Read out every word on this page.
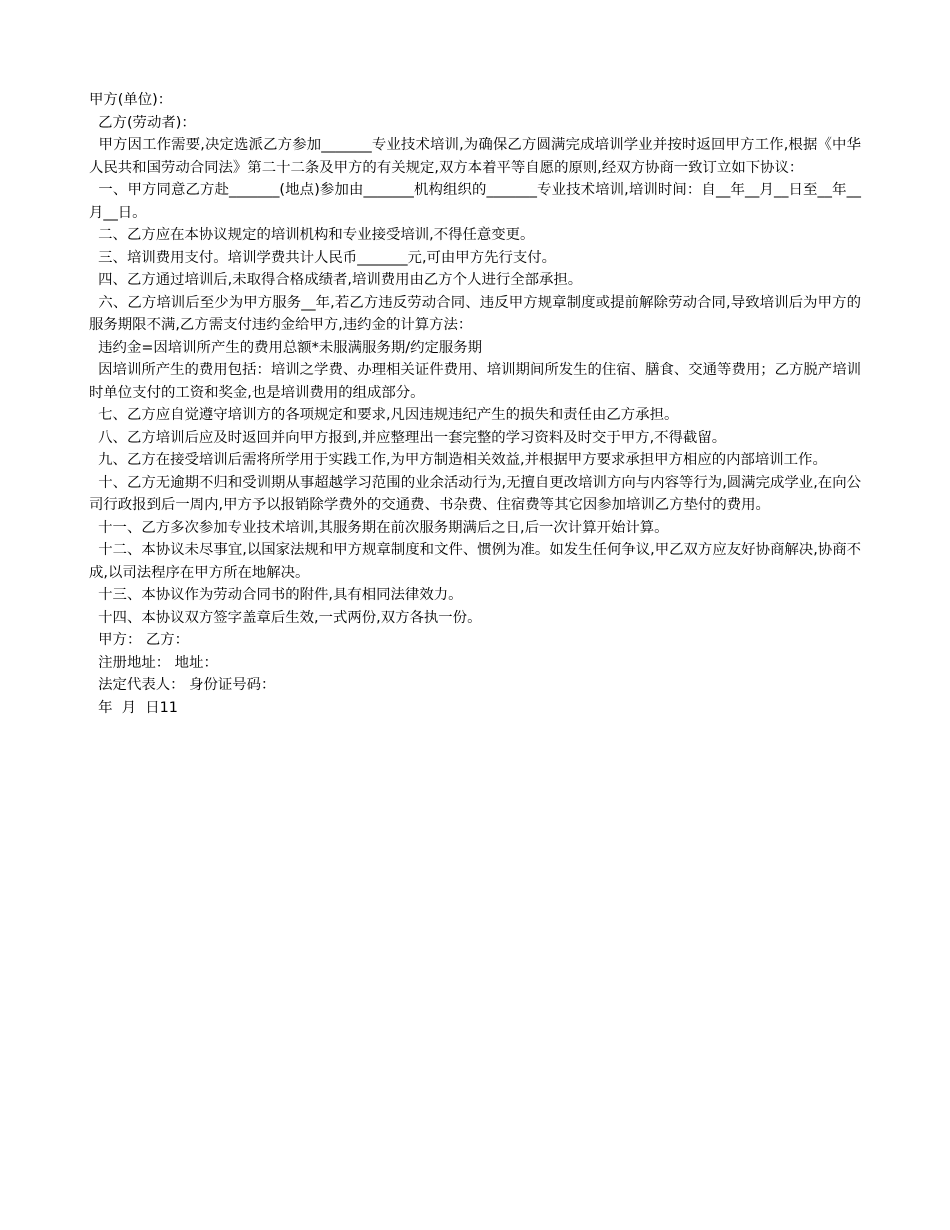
甲方(单位)：

乙方(劳动者)：

甲方因工作需要,决定选派乙方参加_______专业技术培训,为确保乙方圆满完成培训学业并按时返回甲方工作,根据《中华人民共和国劳动合同法》第二十二条及甲方的有关规定,双方本着平等自愿的原则,经双方协商一致订立如下协议：

一、甲方同意乙方赴_______(地点)参加由_______机构组织的_______专业技术培训,培训时间：自__年__月__日至__年__月__日。

二、乙方应在本协议规定的培训机构和专业接受培训,不得任意变更。

三、培训费用支付。培训学费共计人民币_______元,可由甲方先行支付。

四、乙方通过培训后,未取得合格成绩者,培训费用由乙方个人进行全部承担。

六、乙方培训后至少为甲方服务__年,若乙方违反劳动合同、违反甲方规章制度或提前解除劳动合同,导致培训后为甲方的服务期限不满,乙方需支付违约金给甲方,违约金的计算方法：

违约金=因培训所产生的费用总额*未服满服务期/约定服务期

因培训所产生的费用包括：培训之学费、办理相关证件费用、培训期间所发生的住宿、膳食、交通等费用；乙方脱产培训时单位支付的工资和奖金,也是培训费用的组成部分。

七、乙方应自觉遵守培训方的各项规定和要求,凡因违规违纪产生的损失和责任由乙方承担。

八、乙方培训后应及时返回并向甲方报到,并应整理出一套完整的学习资料及时交于甲方,不得截留。

九、乙方在接受培训后需将所学用于实践工作,为甲方制造相关效益,并根据甲方要求承担甲方相应的内部培训工作。

十、乙方无逾期不归和受训期从事超越学习范围的业余活动行为,无擅自更改培训方向与内容等行为,圆满完成学业,在向公司行政报到后一周内,甲方予以报销除学费外的交通费、书杂费、住宿费等其它因参加培训乙方垫付的费用。

十一、乙方多次参加专业技术培训,其服务期在前次服务期满后之日,后一次计算开始计算。

十二、本协议未尽事宜,以国家法规和甲方规章制度和文件、惯例为准。如发生任何争议,甲乙双方应友好协商解决,协商不成,以司法程序在甲方所在地解决。

十三、本协议作为劳动合同书的附件,具有相同法律效力。

十四、本协议双方签字盖章后生效,一式两份,双方各执一份。

甲方： 乙方：

注册地址： 地址：

法定代表人： 身份证号码：

年  月  日11
